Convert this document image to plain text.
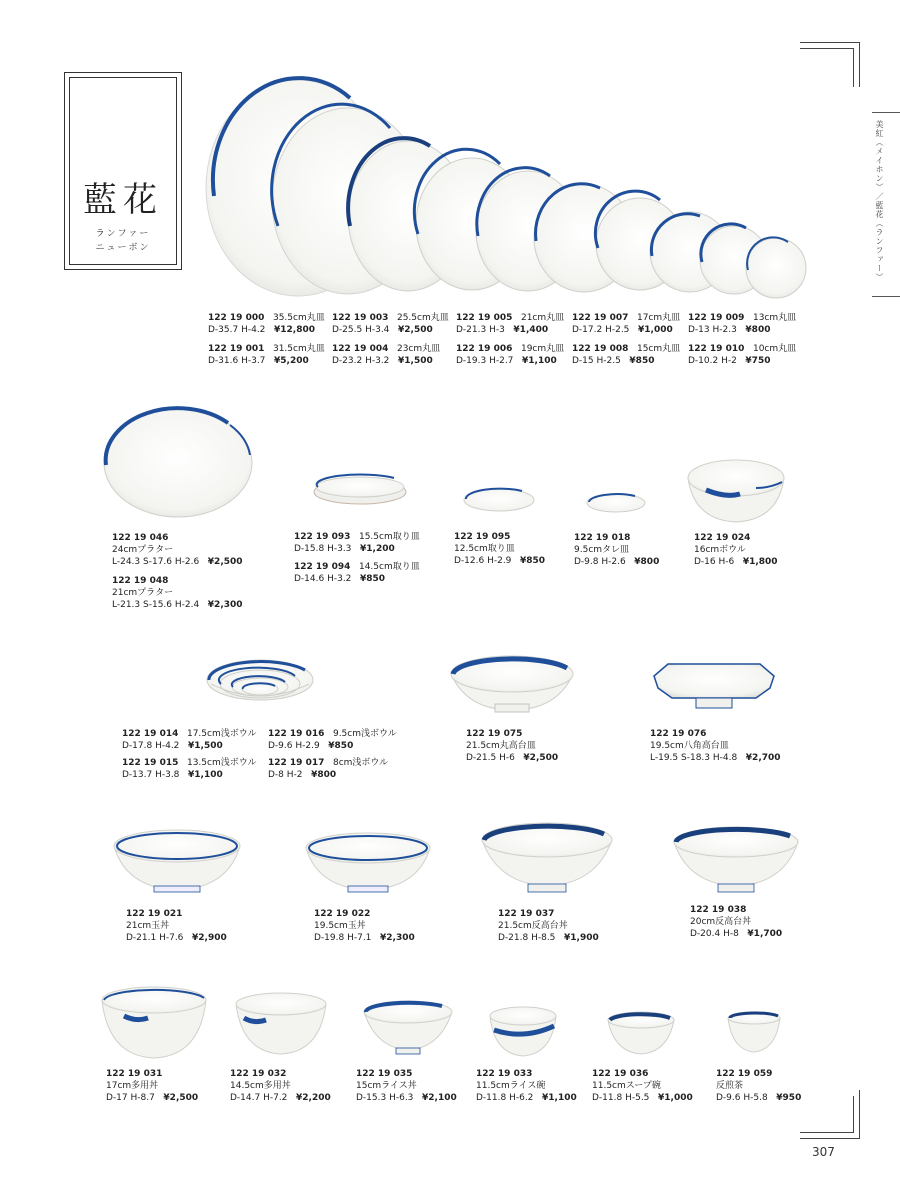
美紅（メイホン）／藍花（ランファー）
藍花
ランファー
ニューボン
307
122 19 000 35.5cm丸皿
D-35.7 H-4.2 ¥12,800
122 19 003 25.5cm丸皿
D-25.5 H-3.4 ¥2,500
122 19 005 21cm丸皿
D-21.3 H-3 ¥1,400
122 19 007 17cm丸皿
D-17.2 H-2.5 ¥1,000
122 19 009 13cm丸皿
D-13 H-2.3 ¥800
122 19 001 31.5cm丸皿
D-31.6 H-3.7 ¥5,200
122 19 004 23cm丸皿
D-23.2 H-3.2 ¥1,500
122 19 006 19cm丸皿
D-19.3 H-2.7 ¥1,100
122 19 008 15cm丸皿
D-15 H-2.5 ¥850
122 19 010 10cm丸皿
D-10.2 H-2 ¥750
122 19 046
24cmプラター
L-24.3 S-17.6 H-2.6 ¥2,500
122 19 048
21cmプラター
L-21.3 S-15.6 H-2.4 ¥2,300
122 19 093 15.5cm取り皿
D-15.8 H-3.3 ¥1,200
122 19 094 14.5cm取り皿
D-14.6 H-3.2 ¥850
122 19 095
12.5cm取り皿
D-12.6 H-2.9 ¥850
122 19 018
9.5cmタレ皿
D-9.8 H-2.6 ¥800
122 19 024
16cmボウル
D-16 H-6 ¥1,800
122 19 014 17.5cm浅ボウル
D-17.8 H-4.2 ¥1,500
122 19 015 13.5cm浅ボウル
D-13.7 H-3.8 ¥1,100
122 19 016 9.5cm浅ボウル
D-9.6 H-2.9 ¥850
122 19 017 8cm浅ボウル
D-8 H-2 ¥800
122 19 075
21.5cm丸高台皿
D-21.5 H-6 ¥2,500
122 19 076
19.5cm八角高台皿
L-19.5 S-18.3 H-4.8 ¥2,700
122 19 021
21cm玉丼
D-21.1 H-7.6 ¥2,900
122 19 022
19.5cm玉丼
D-19.8 H-7.1 ¥2,300
122 19 037
21.5cm反高台丼
D-21.8 H-8.5 ¥1,900
122 19 038
20cm反高台丼
D-20.4 H-8 ¥1,700
122 19 031
17cm多用丼
D-17 H-8.7 ¥2,500
122 19 032
14.5cm多用丼
D-14.7 H-7.2 ¥2,200
122 19 035
15cmライス丼
D-15.3 H-6.3 ¥2,100
122 19 033
11.5cmライス碗
D-11.8 H-6.2 ¥1,100
122 19 036
11.5cmスープ碗
D-11.8 H-5.5 ¥1,000
122 19 059
反煎茶
D-9.6 H-5.8 ¥950
